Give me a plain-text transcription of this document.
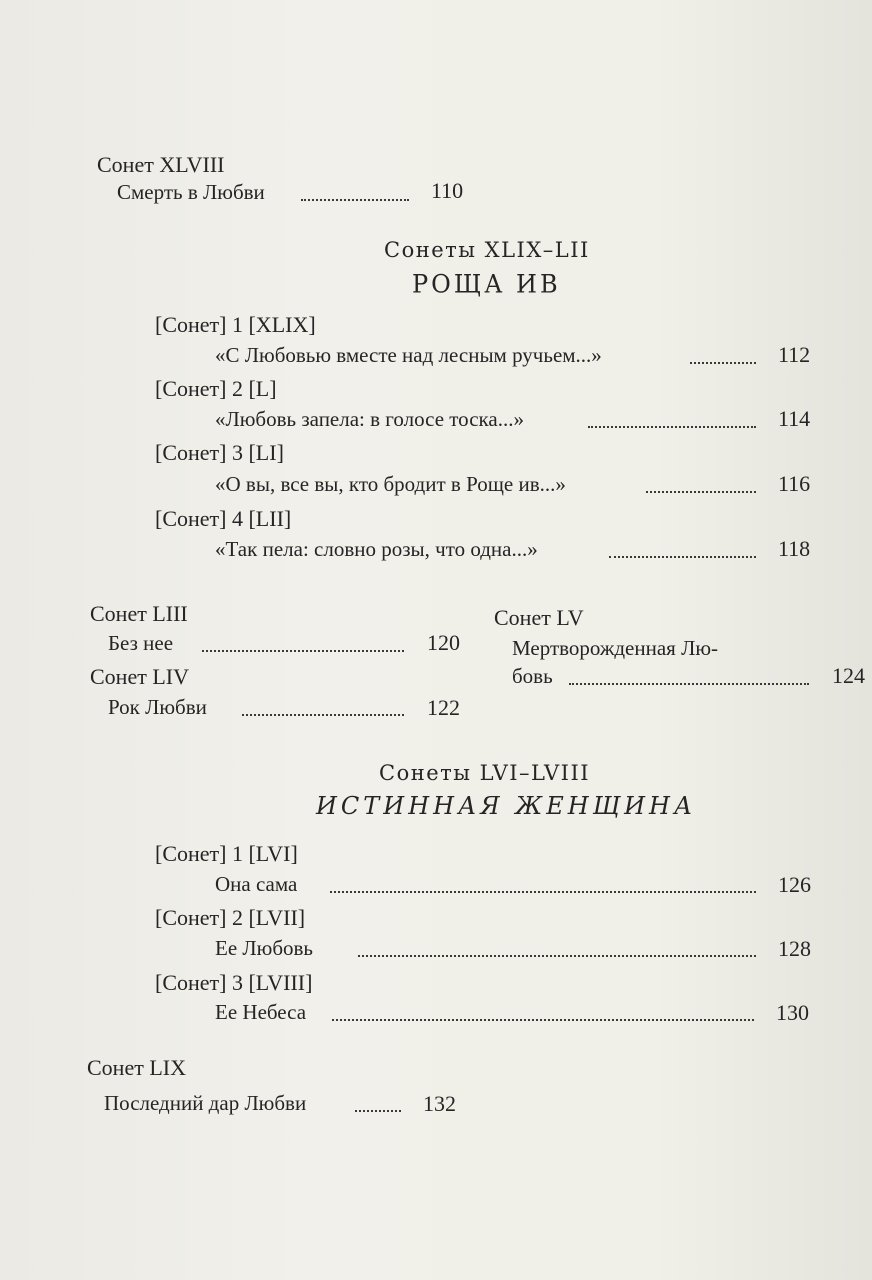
Сонет XLVIII
Смерть в Любви	110
Сонеты XLIX–LII
РОЩА ИВ
[Сонет] 1 [XLIX]
«С Любовью вместе над лесным ручьем...»	112
[Сонет] 2 [L]
«Любовь запела: в голосе тоска...»	114
[Сонет] 3 [LI]
«О вы, все вы, кто бродит в Роще ив...»	116
[Сонет] 4 [LII]
«Так пела: словно розы, что одна...»	118
Сонет LIII
Без нее	120
Сонет LIV
Рок Любви	122
Сонет LV
Мертворожденная Лю-
бовь	124
Сонеты LVI–LVIII
ИСТИННАЯ ЖЕНЩИНА
[Сонет] 1 [LVI]
Она сама	126
[Сонет] 2 [LVII]
Ее Любовь	128
[Сонет] 3 [LVIII]
Ее Небеса	130
Сонет LIX
Последний дар Любви	132
